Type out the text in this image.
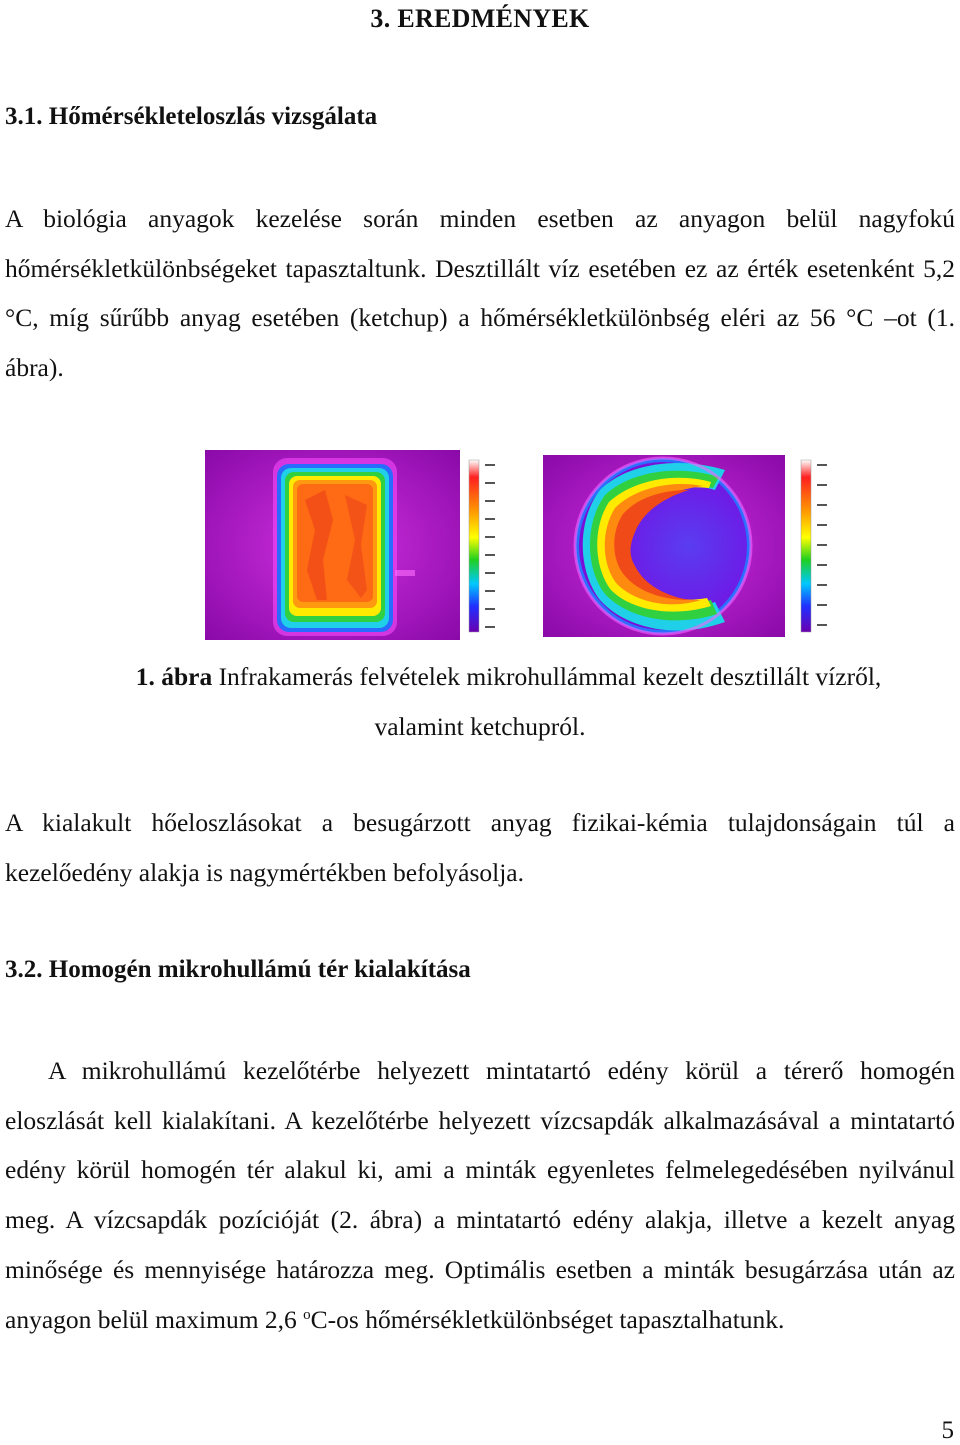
3. EREDMÉNYEK
3.1. Hőmérsékleteloszlás vizsgálata
A biológia anyagok kezelése során minden esetben az anyagon belül nagyfokú hőmérsékletkülönbségeket tapasztaltunk. Desztillált víz esetében ez az érték esetenként 5,2 °C, míg sűrűbb anyag esetében (ketchup) a hőmérsékletkülönbség eléri az 56 °C –ot (1. ábra).
1. ábra Infrakamerás felvételek mikrohullámmal kezelt desztillált vízről,
valamint ketchupról.
A kialakult hőeloszlásokat a besugárzott anyag fizikai-kémia tulajdonságain túl a kezelőedény alakja is nagymértékben befolyásolja.
3.2. Homogén mikrohullámú tér kialakítása
A mikrohullámú kezelőtérbe helyezett mintatartó edény körül a térerő homogén eloszlását kell kialakítani. A kezelőtérbe helyezett vízcsapdák alkalmazásával a mintatartó edény körül homogén tér alakul ki, ami a minták egyenletes felmelegedésében nyilvánul meg. A vízcsapdák pozícióját (2. ábra) a mintatartó edény alakja, illetve a kezelt anyag minősége és mennyisége határozza meg. Optimális esetben a minták besugárzása után az anyagon belül maximum 2,6 $^o$C-os hőmérsékletkülönbséget tapasztalhatunk.
5
